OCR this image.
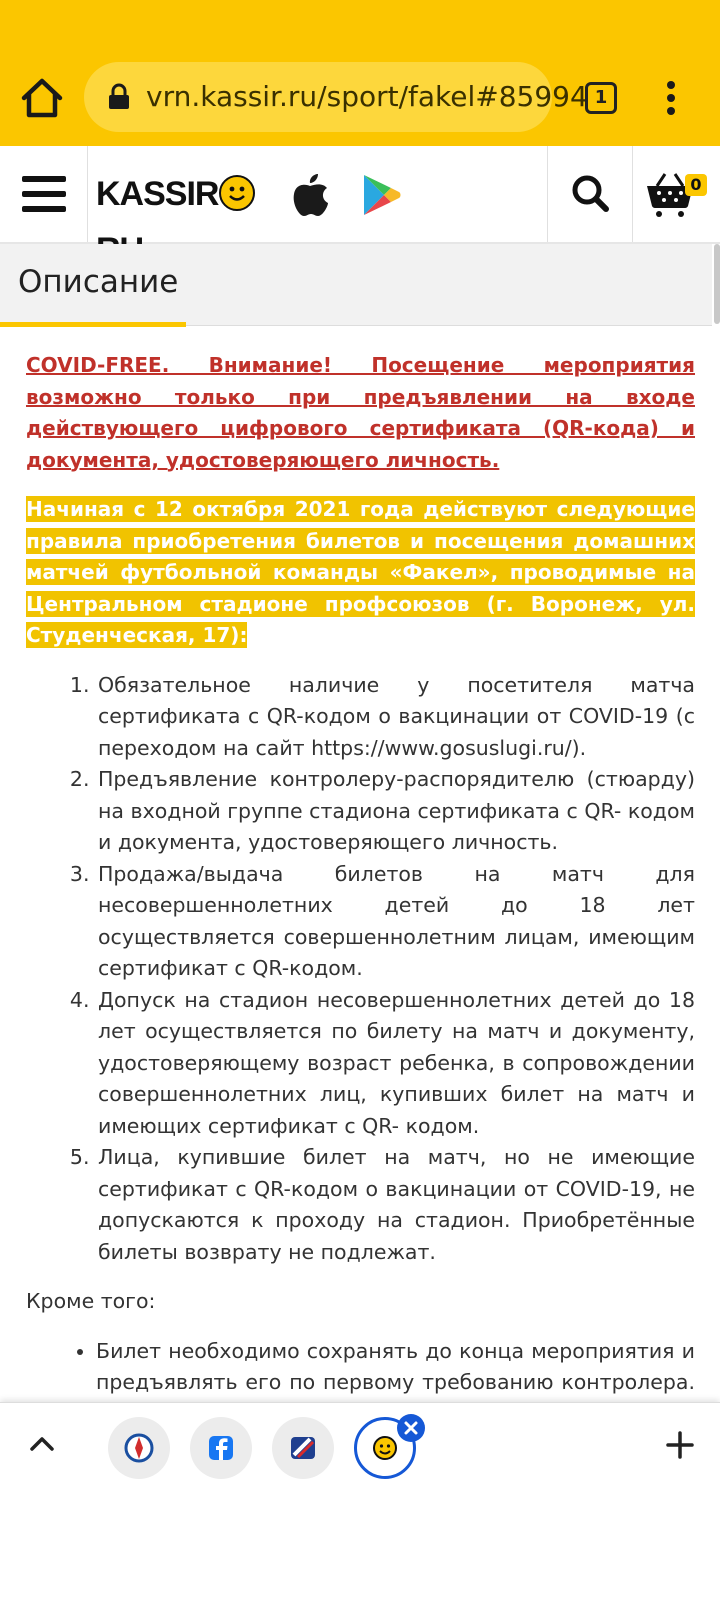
vrn.kassir.ru/sport/fakel#85994 1
KASSIR	0
Описание

COVID-FREE. Внимание! Посещение мероприятия возможно только при предъявлении на входе действующего цифрового сертификата (QR-кода) и документа, удостоверяющего личность.

Начиная с 12 октября 2021 года действуют следующие правила приобретения билетов и посещения домашних матчей футбольной команды «Факел», проводимые на Центральном стадионе профсоюзов (г. Воронеж, ул. Студенческая, 17):

1. Обязательное наличие у посетителя матча сертификата с QR-кодом о вакцинации от COVID-19 (с переходом на сайт https://www.gosuslugi.ru/).
2. Предъявление контролеру-распорядителю (стюарду) на входной группе стадиона сертификата с QR- кодом и документа, удостоверяющего личность.
3. Продажа/выдача билетов на матч для несовершеннолетних детей до 18 лет осуществляется совершеннолетним лицам, имеющим сертификат с QR-кодом.
4. Допуск на стадион несовершеннолетних детей до 18 лет осуществляется по билету на матч и документу, удостоверяющему возраст ребенка, в сопровождении совершеннолетних лиц, купивших билет на матч и имеющих сертификат с QR- кодом.
5. Лица, купившие билет на матч, но не имеющие сертификат с QR-кодом о вакцинации от COVID-19, не допускаются к проходу на стадион. Приобретённые билеты возврату не подлежат.

Кроме того:

• Билет необходимо сохранять до конца мероприятия и предъявлять его по первому требованию контролера.
•
